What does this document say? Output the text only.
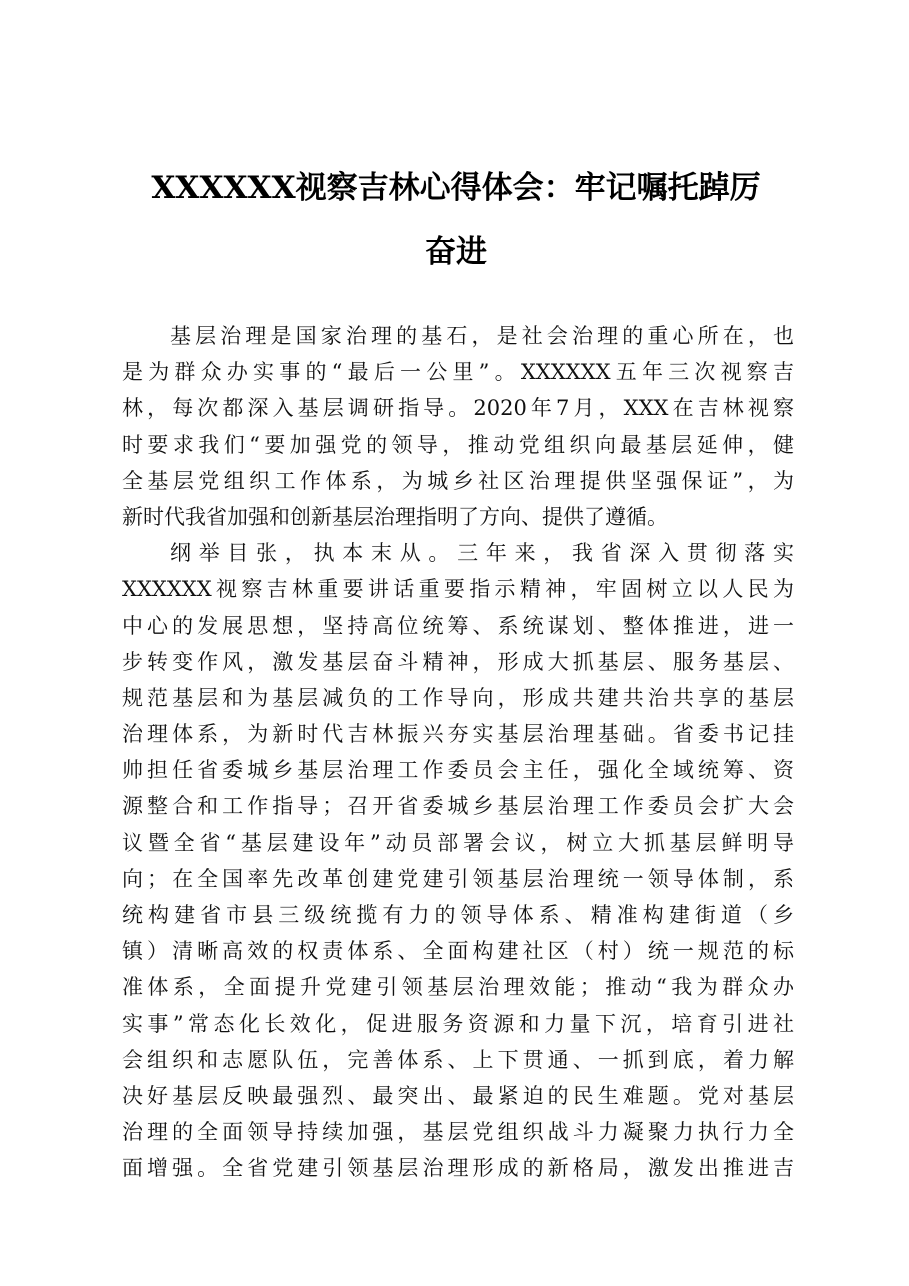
XXXXXX视察吉林心得体会：牢记嘱托踔厉
奋进
基层治理是国家治理的基石，是社会治理的重心所在，也
是为群众办实事的“最后一公里”。XXXXXX五年三次视察吉
林，每次都深入基层调研指导。2020年7月，XXX在吉林视察
时要求我们“要加强党的领导，推动党组织向最基层延伸，健
全基层党组织工作体系，为城乡社区治理提供坚强保证”，为
新时代我省加强和创新基层治理指明了方向、提供了遵循。
纲举目张，执本末从。三年来，我省深入贯彻落实
XXXXXX视察吉林重要讲话重要指示精神，牢固树立以人民为
中心的发展思想，坚持高位统筹、系统谋划、整体推进，进一
步转变作风，激发基层奋斗精神，形成大抓基层、服务基层、
规范基层和为基层减负的工作导向，形成共建共治共享的基层
治理体系，为新时代吉林振兴夯实基层治理基础。省委书记挂
帅担任省委城乡基层治理工作委员会主任，强化全域统筹、资
源整合和工作指导；召开省委城乡基层治理工作委员会扩大会
议暨全省“基层建设年”动员部署会议，树立大抓基层鲜明导
向；在全国率先改革创建党建引领基层治理统一领导体制，系
统构建省市县三级统揽有力的领导体系、精准构建街道（乡
镇）清晰高效的权责体系、全面构建社区（村）统一规范的标
准体系，全面提升党建引领基层治理效能；推动“我为群众办
实事”常态化长效化，促进服务资源和力量下沉，培育引进社
会组织和志愿队伍，完善体系、上下贯通、一抓到底，着力解
决好基层反映最强烈、最突出、最紧迫的民生难题。党对基层
治理的全面领导持续加强，基层党组织战斗力凝聚力执行力全
面增强。全省党建引领基层治理形成的新格局，激发出推进吉
